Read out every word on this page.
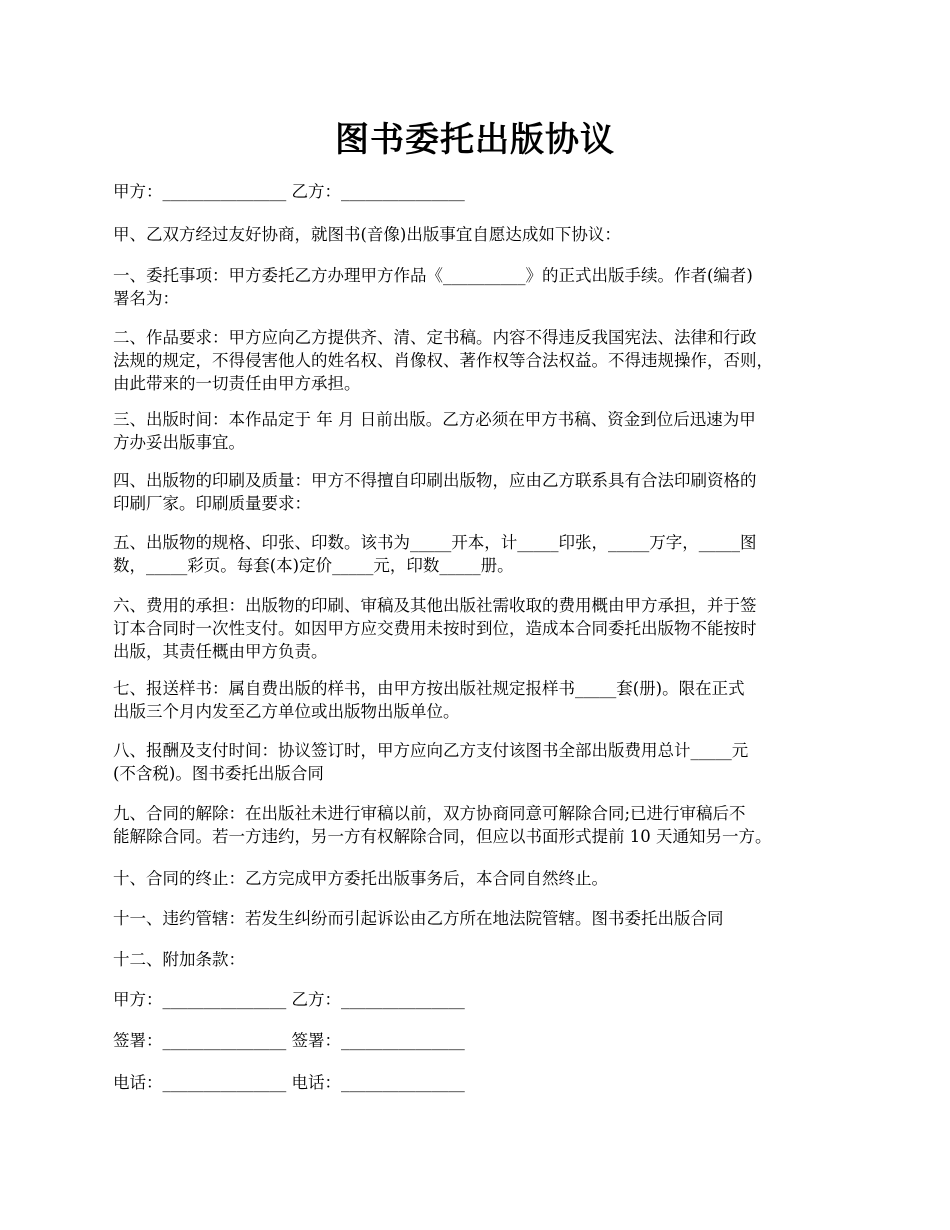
图书委托出版协议

甲方：_______________ 乙方：_______________

甲、乙双方经过友好协商，就图书(音像)出版事宜自愿达成如下协议：

一、委托事项：甲方委托乙方办理甲方作品《__________》的正式出版手续。作者(编者)
署名为：

二、作品要求：甲方应向乙方提供齐、清、定书稿。内容不得违反我国宪法、法律和行政
法规的规定，不得侵害他人的姓名权、肖像权、著作权等合法权益。不得违规操作，否则，
由此带来的一切责任由甲方承担。

三、出版时间：本作品定于 年 月 日前出版。乙方必须在甲方书稿、资金到位后迅速为甲
方办妥出版事宜。

四、出版物的印刷及质量：甲方不得擅自印刷出版物，应由乙方联系具有合法印刷资格的
印刷厂家。印刷质量要求：

五、出版物的规格、印张、印数。该书为_____开本，计_____印张，_____万字，_____图
数，_____彩页。每套(本)定价_____元，印数_____册。

六、费用的承担：出版物的印刷、审稿及其他出版社需收取的费用概由甲方承担，并于签
订本合同时一次性支付。如因甲方应交费用未按时到位，造成本合同委托出版物不能按时
出版，其责任概由甲方负责。

七、报送样书：属自费出版的样书，由甲方按出版社规定报样书_____套(册)。限在正式
出版三个月内发至乙方单位或出版物出版单位。

八、报酬及支付时间：协议签订时，甲方应向乙方支付该图书全部出版费用总计_____元
(不含税)。图书委托出版合同

九、合同的解除：在出版社未进行审稿以前，双方协商同意可解除合同;已进行审稿后不
能解除合同。若一方违约，另一方有权解除合同，但应以书面形式提前 10 天通知另一方。

十、合同的终止：乙方完成甲方委托出版事务后，本合同自然终止。

十一、违约管辖：若发生纠纷而引起诉讼由乙方所在地法院管辖。图书委托出版合同

十二、附加条款：

甲方：_______________ 乙方：_______________

签署：_______________ 签署：_______________

电话：_______________ 电话：_______________
